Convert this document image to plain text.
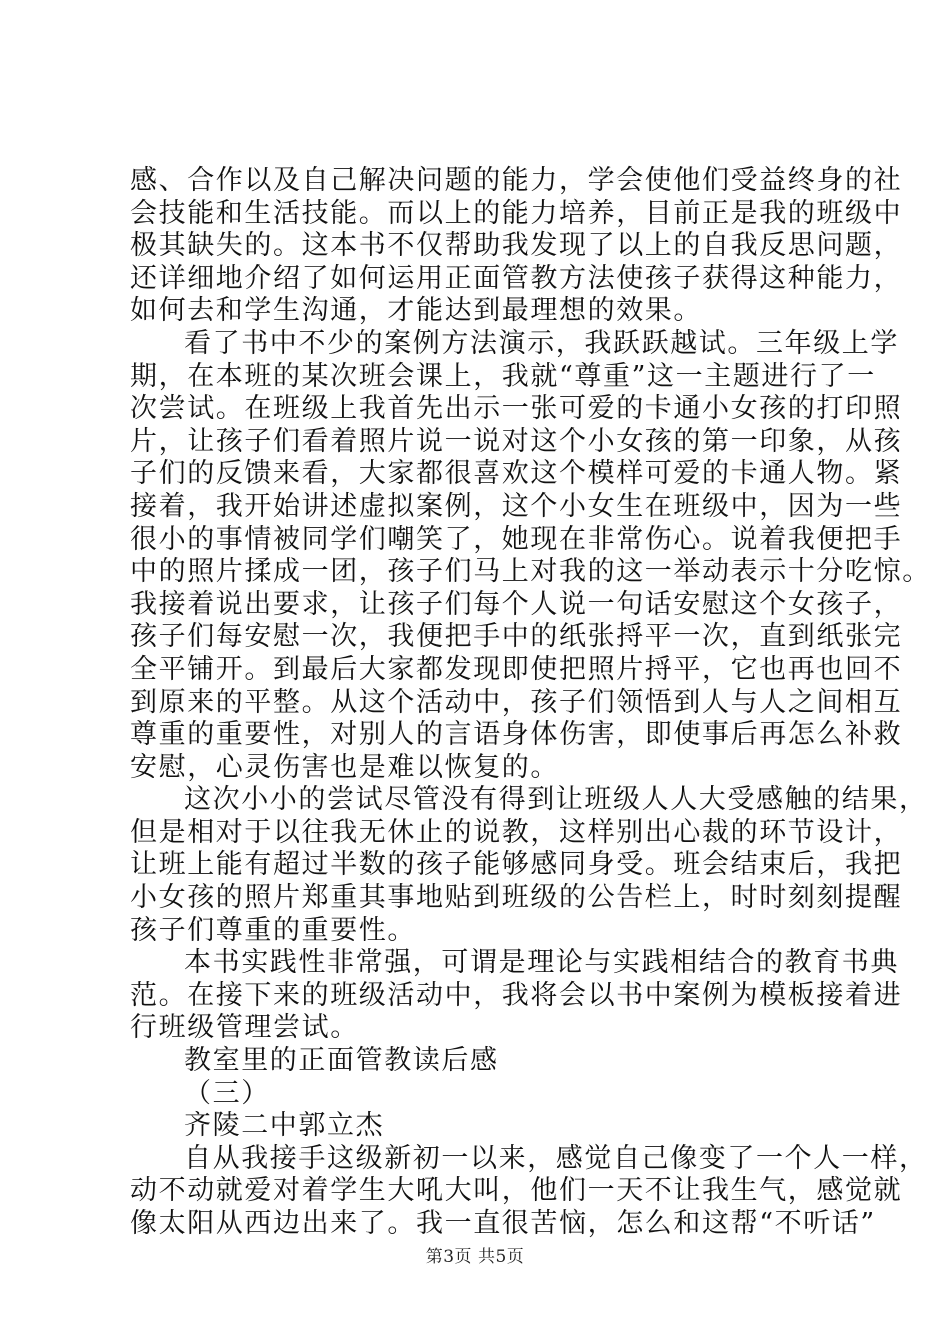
感、合作以及自己解决问题的能力，学会使他们受益终身的社
会技能和生活技能。而以上的能力培养，目前正是我的班级中
极其缺失的。这本书不仅帮助我发现了以上的自我反思问题，
还详细地介绍了如何运用正面管教方法使孩子获得这种能力，
如何去和学生沟通，才能达到最理想的效果。
看了书中不少的案例方法演示，我跃跃越试。三年级上学
期，在本班的某次班会课上，我就“尊重”这一主题进行了一
次尝试。在班级上我首先出示一张可爱的卡通小女孩的打印照
片，让孩子们看着照片说一说对这个小女孩的第一印象，从孩
子们的反馈来看，大家都很喜欢这个模样可爱的卡通人物。紧
接着，我开始讲述虚拟案例，这个小女生在班级中，因为一些
很小的事情被同学们嘲笑了，她现在非常伤心。说着我便把手
中的照片揉成一团，孩子们马上对我的这一举动表示十分吃惊。
我接着说出要求，让孩子们每个人说一句话安慰这个女孩子，
孩子们每安慰一次，我便把手中的纸张捋平一次，直到纸张完
全平铺开。到最后大家都发现即使把照片捋平，它也再也回不
到原来的平整。从这个活动中，孩子们领悟到人与人之间相互
尊重的重要性，对别人的言语身体伤害，即使事后再怎么补救
安慰，心灵伤害也是难以恢复的。
这次小小的尝试尽管没有得到让班级人人大受感触的结果，
但是相对于以往我无休止的说教，这样别出心裁的环节设计，
让班上能有超过半数的孩子能够感同身受。班会结束后，我把
小女孩的照片郑重其事地贴到班级的公告栏上，时时刻刻提醒
孩子们尊重的重要性。
本书实践性非常强，可谓是理论与实践相结合的教育书典
范。在接下来的班级活动中，我将会以书中案例为模板接着进
行班级管理尝试。
教室里的正面管教读后感
（三）
齐陵二中郭立杰
自从我接手这级新初一以来，感觉自己像变了一个人一样，
动不动就爱对着学生大吼大叫，他们一天不让我生气，感觉就
像太阳从西边出来了。我一直很苦恼，怎么和这帮“不听话”
第3页 共5页
